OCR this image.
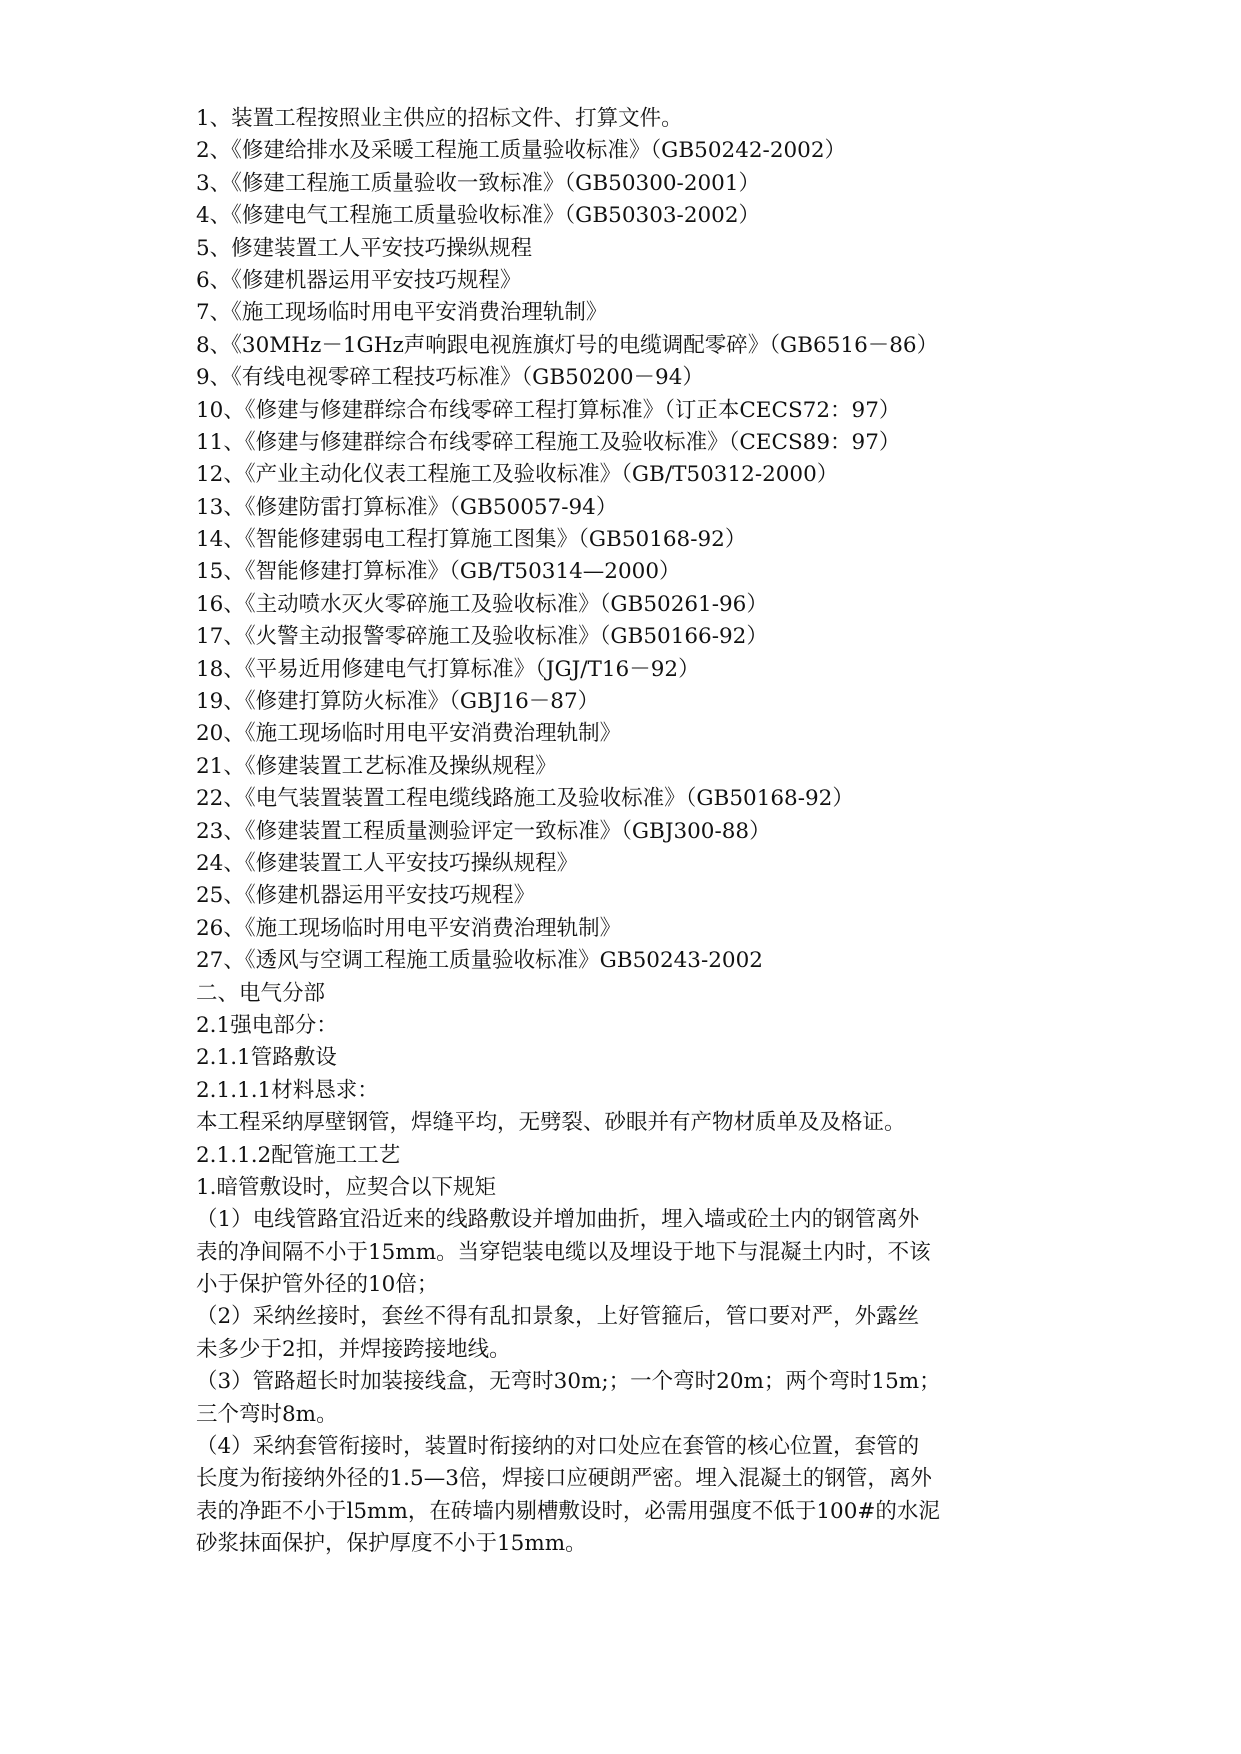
1、装置工程按照业主供应的招标文件、打算文件。

2、《修建给排水及采暖工程施工质量验收标准》（GB50242-2002）

3、《修建工程施工质量验收一致标准》（GB50300-2001）

4、《修建电气工程施工质量验收标准》（GB50303-2002）

5、修建装置工人平安技巧操纵规程

6、《修建机器运用平安技巧规程》

7、《施工现场临时用电平安消费治理轨制》

8、《30MHz－1GHz声响跟电视旌旗灯号的电缆调配零碎》（GB6516－86）

9、《有线电视零碎工程技巧标准》（GB50200－94）

10、《修建与修建群综合布线零碎工程打算标准》（订正本CECS72：97）

11、《修建与修建群综合布线零碎工程施工及验收标准》（CECS89：97）

12、《产业主动化仪表工程施工及验收标准》（GB/T50312-2000）

13、《修建防雷打算标准》（GB50057-94）

14、《智能修建弱电工程打算施工图集》（GB50168-92）

15、《智能修建打算标准》（GB/T50314—2000）

16、《主动喷水灭火零碎施工及验收标准》（GB50261-96）

17、《火警主动报警零碎施工及验收标准》（GB50166-92）

18、《平易近用修建电气打算标准》（JGJ/T16－92）

19、《修建打算防火标准》（GBJ16－87）

20、《施工现场临时用电平安消费治理轨制》

21、《修建装置工艺标准及操纵规程》

22、《电气装置装置工程电缆线路施工及验收标准》（GB50168-92）

23、《修建装置工程质量测验评定一致标准》（GBJ300-88）

24、《修建装置工人平安技巧操纵规程》

25、《修建机器运用平安技巧规程》

26、《施工现场临时用电平安消费治理轨制》

27、《透风与空调工程施工质量验收标准》GB50243-2002

二、电气分部

2.1强电部分：

2.1.1管路敷设

2.1.1.1材料恳求：

本工程采纳厚壁钢管，焊缝平均，无劈裂、砂眼并有产物材质单及及格证。

2.1.1.2配管施工工艺

1.暗管敷设时，应契合以下规矩

（1）电线管路宜沿近来的线路敷设并增加曲折，埋入墙或砼土内的钢管离外

表的净间隔不小于15mm。当穿铠装电缆以及埋设于地下与混凝土内时，不该

小于保护管外径的10倍；

（2）采纳丝接时，套丝不得有乱扣景象，上好管箍后，管口要对严，外露丝

未多少于2扣，并焊接跨接地线。

（3）管路超长时加装接线盒，无弯时30m;；一个弯时20m；两个弯时15m；

三个弯时8m。

（4）采纳套管衔接时，装置时衔接纳的对口处应在套管的核心位置，套管的

长度为衔接纳外径的1.5—3倍，焊接口应硬朗严密。埋入混凝土的钢管，离外

表的净距不小于l5mm，在砖墙内剔槽敷设时，必需用强度不低于100#的水泥

砂浆抹面保护，保护厚度不小于15mm。
